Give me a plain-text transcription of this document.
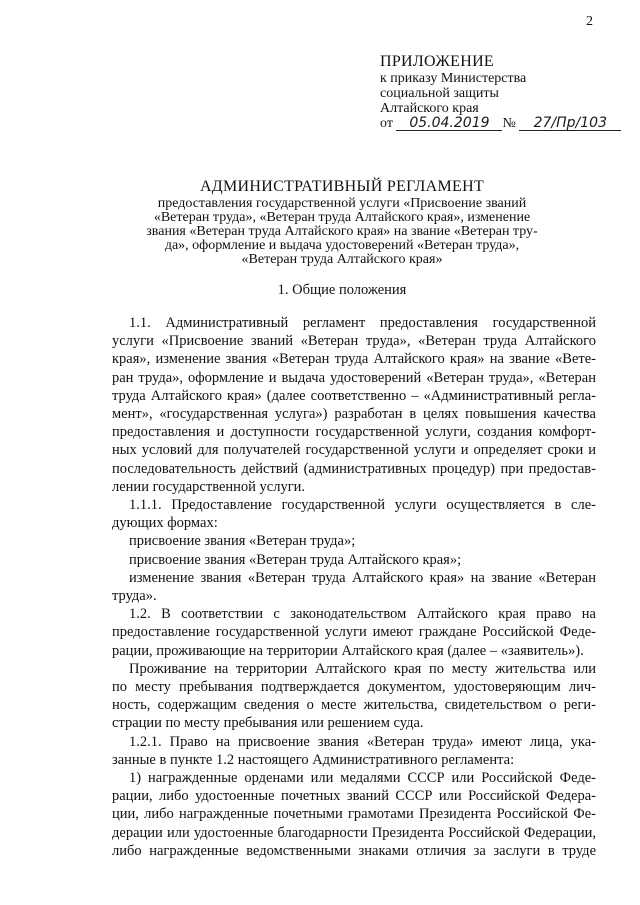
2
ПРИЛОЖЕНИЕ
к приказу Министерства
социальной защиты
Алтайского края
от 05.04.2019 № 27/Пр/103
АДМИНИСТРАТИВНЫЙ РЕГЛАМЕНТ
предоставления государственной услуги «Присвоение званий
«Ветеран труда», «Ветеран труда Алтайского края», изменение
звания «Ветеран труда Алтайского края» на звание «Ветеран тру-
да», оформление и выдача удостоверений «Ветеран труда»,
«Ветеран труда Алтайского края»
1. Общие положения
1.1. Административный регламент предоставления государственной
услуги «Присвоение званий «Ветеран труда», «Ветеран труда Алтайского
края», изменение звания «Ветеран труда Алтайского края» на звание «Вете-
ран труда», оформление и выдача удостоверений «Ветеран труда», «Ветеран
труда Алтайского края» (далее соответственно – «Административный регла-
мент», «государственная услуга») разработан в целях повышения качества
предоставления и доступности государственной услуги, создания комфорт-
ных условий для получателей государственной услуги и определяет сроки и
последовательность действий (административных процедур) при предостав-
лении государственной услуги.
1.1.1. Предоставление государственной услуги осуществляется в сле-
дующих формах:
присвоение звания «Ветеран труда»;
присвоение звания «Ветеран труда Алтайского края»;
изменение звания «Ветеран труда Алтайского края» на звание «Ветеран
труда».
1.2. В соответствии с законодательством Алтайского края право на
предоставление государственной услуги имеют граждане Российской Феде-
рации, проживающие на территории Алтайского края (далее – «заявитель»).
Проживание на территории Алтайского края по месту жительства или
по месту пребывания подтверждается документом, удостоверяющим лич-
ность, содержащим сведения о месте жительства, свидетельством о реги-
страции по месту пребывания или решением суда.
1.2.1. Право на присвоение звания «Ветеран труда» имеют лица, ука-
занные в пункте 1.2 настоящего Административного регламента:
1) награжденные орденами или медалями СССР или Российской Феде-
рации, либо удостоенные почетных званий СССР или Российской Федера-
ции, либо награжденные почетными грамотами Президента Российской Фе-
дерации или удостоенные благодарности Президента Российской Федерации,
либо награжденные ведомственными знаками отличия за заслуги в труде
